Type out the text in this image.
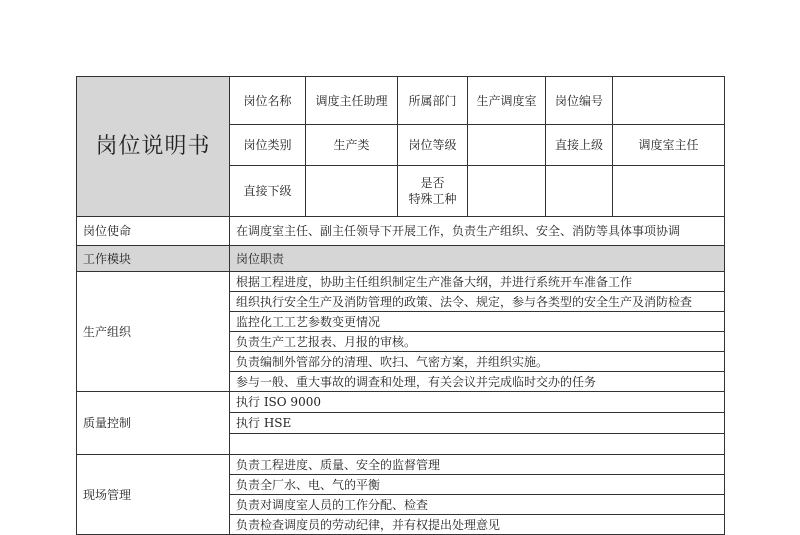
岗位说明书	岗位名称	调度主任助理	所属部门	生产调度室	岗位编号	
	岗位类别	生产类	岗位等级		直接上级	调度室主任
	直接下级		是否
特殊工种			

岗位使命	在调度室主任、副主任领导下开展工作，负责生产组织、安全、消防等具体事项协调					
工作模块	岗位职责					
生产组织	根据工程进度，协助主任组织制定生产准备大纲，并进行系统开车准备工作					
	组织执行安全生产及消防管理的政策、法令、规定，参与各类型的安全生产及消防检查					
	监控化工工艺参数变更情况					
	负责生产工艺报表、月报的审核。					
	负责编制外管部分的清理、吹扫、气密方案，并组织实施。					
	参与一般、重大事故的调查和处理，有关会议并完成临时交办的任务					
质量控制	执行 ISO 9000					
	执行 HSE					

现场管理	负责工程进度、质量、安全的监督管理					
	负责全厂水、电、气的平衡					
	负责对调度室人员的工作分配、检查					
	负责检查调度员的劳动纪律，并有权提出处理意见					
